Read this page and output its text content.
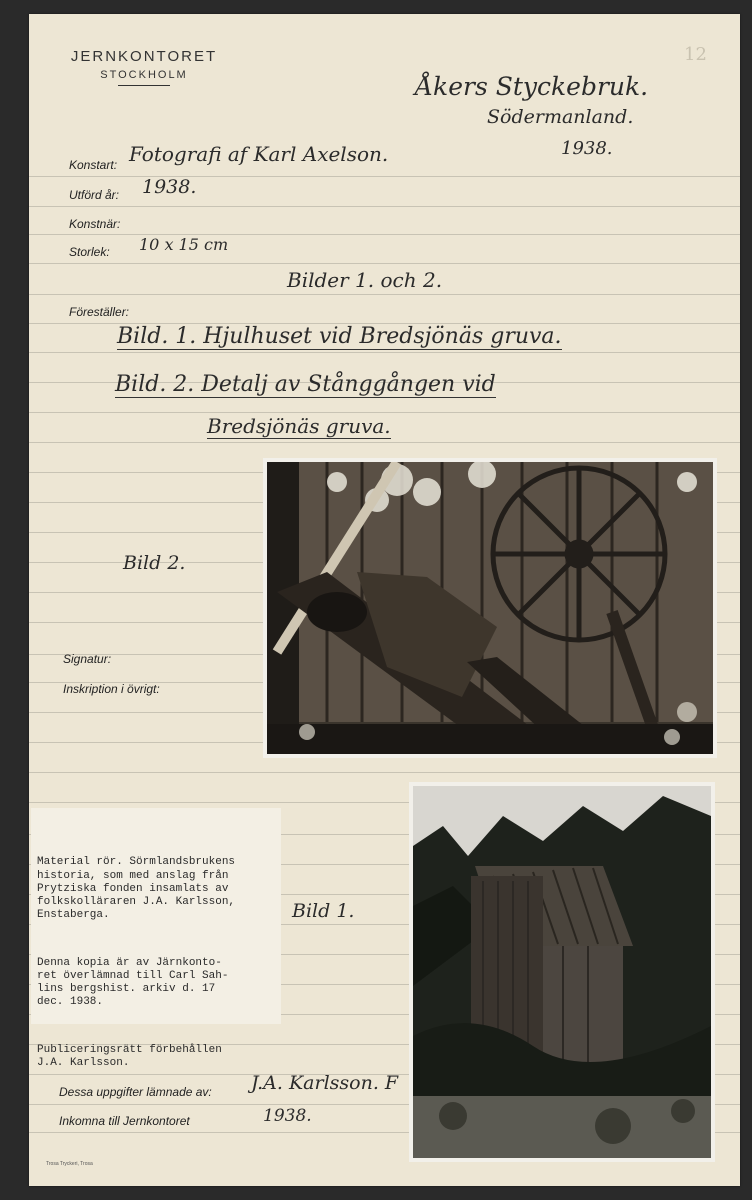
12
JERNKONTORET
STOCKHOLM	Åkers Styckebruk.
Södermanland.
1938.
Konstart: Fotografi af Karl Axelson.
Utförd år: 1938.
Konstnär:
Storlek: 10 x 15 cm
Bilder 1. och 2.
Föreställer:
Bild. 1. Hjulhuset vid Bredsjönäs gruva.
Bild. 2. Detalj av Stånggången vid
Bredsjönäs gruva.
Bild 2.
Signatur:
Inskription i övrigt:

Material rör. Sörmlandsbrukens
historia, som med anslag från
Prytziska fonden insamlats av
folkskolläraren J.A. Karlsson,
Enstaberga.

Denna kopia är av Järnkonto-
ret överlämnad till Carl Sah-
lins bergshist. arkiv d. 17
dec. 1938.

Publiceringsrätt förbehållen
J.A. Karlsson.

Bild 1.
Dessa uppgifter lämnade av: J.A. Karlsson. F
Inkomna till Jernkontoret	1938.
Trosa Tryckeri, Trosa
